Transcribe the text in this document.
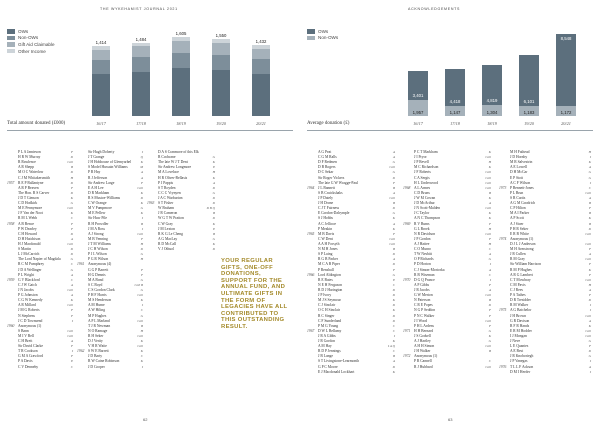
THE WYKEHAMIST JOURNAL 2021
OWs
Non-OWs
Gift Aid Claimable
Other Income
1,414
16/17
1,484
17/18
1,605
18/19
1,550
19/20
1,432
20/21
Total amount donated (£000)
P L A Jamieson	F
H R W Murray	D
R Rawlence	Coll
A R Shepp	B
M O C Waterlow	D
C J M Whitakersmith	H
1957 R E P Ballantyne	D
A R P Beaven	F
The Hon. R S Carver	D
J D T Gimson	K
C D Hodkirk	G
M E Pennymore	Coll
J F Van der Noot	K
R M L Webb	C
1958 A B Bence	F
P W Dearley	F
C H Howard	D
D H Hutchison	A
H J Macdonald	Coll
S Martin	D
L J McCarrich	D
The Lord Napier of Magdala	G
R C M Pumphrey	C
J D A Wellinger	G
P L Wright	A
1959 G V Blackford	C
C J W Gatch	A
J N Jacobs	Coll
P G Johnston	A
C G W Kennedy	K
A R Millard	Coll
J M G Roberts	F
N Stephens	F
J C D Townsend	I
1960 Anonymous (1)
S Bann	Coll
M I V Bell	Coll
C H Brett	A
Sir David Clarke	F
T R Cookson	I
G M A Crawford	F
P A Davis	E
C V Dennehy	C
Sir Hugh Doherty	I
J T Grange	Q
J H Hobhouse of Glemyarbel	K
S Model Hussain Williams	M
P R Hay	A
R J Jefferson	A
Sir Andrew Large	F
E A H Lee	Coll
D R Markham	K
R S Mustoe-Williams	D
C W Orange	K
M V Pumpmore	G
M E Pellew	K
Sir Huw Pile	I
R H Prowdler	B
J M A Ross	I
A J Strong	Coll
M B Venning	F
J T M Williams	H
J C H Wilson	D
P J L Wilson	G
P G R Wilson	H
1961 Anonymous (4)
G G P Barrett	F
H G Dennis	F
M A Bond	G
S C Boyd	Coll B
C S Gordon Clark	G
P H F Harris	Coll
M S Henderson	K
A M Hume	I
A W Hiling	C
M P Hughes	G
A P L Marland	Coll
T J R Newman	B
N O Ramage	H
R H Seker	Coll
D J Verity	K
V H R Waite	Coll
1962 S W E Barrett	K
J D Barty	C
R W Caine Robinson	K
J D Cooper	I
D A S Cranmore of this Elk
R Cochrane	G
The late W J T Dent	K
Sir Andrew Longmore	E
M A Lovelace	H
H R Oliver-Bellasis	K
P J Pappis	A
S T Royden	D
C C C Vrynyen	G
J A C Warburton	D
1963 S T Fisher	D
W Braham	D B Q
J R Cameron	B
W G T W Pratton	D
C W Gray	K
J M Lexton	E
R K G Le Cheng	B
A G MacLay	G
R D McCall	K
V J Othuol	D
YOUR REGULAR GIFTS, ONE-OFF DONATIONS, SUPPORT FOR THE ANNUAL FUND, AND ULTIMATE GIFTS IN THE FORM OF LEGACIES HAVE ALL CONTRIBUTED TO THIS OUTSTANDING RESULT.
62
ACKNOWLEDGEMENTS
OWs
Non-OWs
3,401
1,957
16/17
4,418
1,147
17/18
4,819
1,304
18/19
6,101
1,183
19/20
8,548
1,172
20/21
Average donation (£)
A G Peat	A
C G M Ralls	A
D F Redmen	G
D B Rogers	Coll
D C Sekar	G
Sir Roger Vickers	D
The late G W Wragge-Paul	F
1964 J L Bannett	B
S B Cruickshaks	A
J P Dately	Coll
J H Drone	B
C J T Fairness	D
E Gordon-Dalrymple	G
S J Hobbs	K
A C Jellicoe	A
P Meakin	K
1965 M B Davis	F
C W Dent	Coll
A A H Forsyth	Coll
N M H Jones	B
S P Laing	D
R G B Parker	A
M C A B Piper	D
P Renshall	F
1966 Lord Aldington	G
R E Bates	E
N E H Ferguson	C
R D J Harington	D
J P Ivory	D
M J S Seymour	K
C J Sinclair	D
O C H Sinclair	K
R C Singer	D
C F Sunderland	D
P M G Young	C
1967 D W L Bellamy	C
J R A Gibbs	I
J R Gordon	K
A M Hay	I A Q
R D P Jennings	C
J B Lange	B
S T Livingstone-Learmonth	A
G P C Moore	D
E J Macdonald Lockhart	K
P C T Markham	K
J I Pryor	Coll
J P Revell	H
M C Richardson	K
J F Roberts	Coll
C A Sergis	Coll
H L Underwood	Coll
1968 A L Armes	Coll
C D Bruns	B
J W M Cowan	K
J D McArthur	A
J N Scott-Malden	Coll
J C Taylor	K
A N C Thompson	K
1969 R V Bums	F
G L Broek	H
N R Davidson	Coll
J P Gordon	F
A J Hattee	H
C O Munro	C
T W Nesbitt	A
O P Richards	G
P D Horton	I
C J Simon-Mortorka	A
R B Wiseman	C
1970 D G Q Prance	I
A P Gibbs	F
J R Jacobs	A
G W Merton	Coll
N Paterson	B
C R E Popes	D
N G P Seddon	F
P N C Walker	F
J I Wood	Coll
P H L Ardens	F
1971 H H Bernard	G
J S Godsell	K
A J Hartley	G
A H H Simon	Coll
J H Walker	B
1972 Anonymous (1)
P R Cannell	C
R J Hubbard	Coll
M H Fathead	H
J D Hornby	I
M R Salvestrin	K
A E Lowell	A
D H McCar	G
E P Stott	G
A C F Wilson	I
1973 P Bennett-Jones	C
P L Brun	Coll
S R Curtis	A
A G M Goodrich	B
C P Hilton	F
M A I Parker	B
A P Scott	K
A J Stoer	B
P H R Seker	D
E R B White	Coll
1974 Anonymous (1)
D J L J Anderson	Coll
M H Armstrong	F
J R Cullen	A
R M Gray	Coll
Sir William Harrison	F
R M P Hughes	K
A R G Lambert	F
C T Mowbray	Coll
C M Pavis	H
C J Rees	A
P A Tathes	F
D R Tresidder	D
R M Walker	I
1975 A G Batchelor	I
J H Brown	Coll
G R Davison	A
R F R Hands	K
E R M Hodder	Coll
I J Mongan	Coll
J Neve	G
L E Quantes	F
A E Best	D
J R Knoboriegh	G
J P Vanegas	I
1976 T L L F Ackson	A
D M I Herder	I
63
